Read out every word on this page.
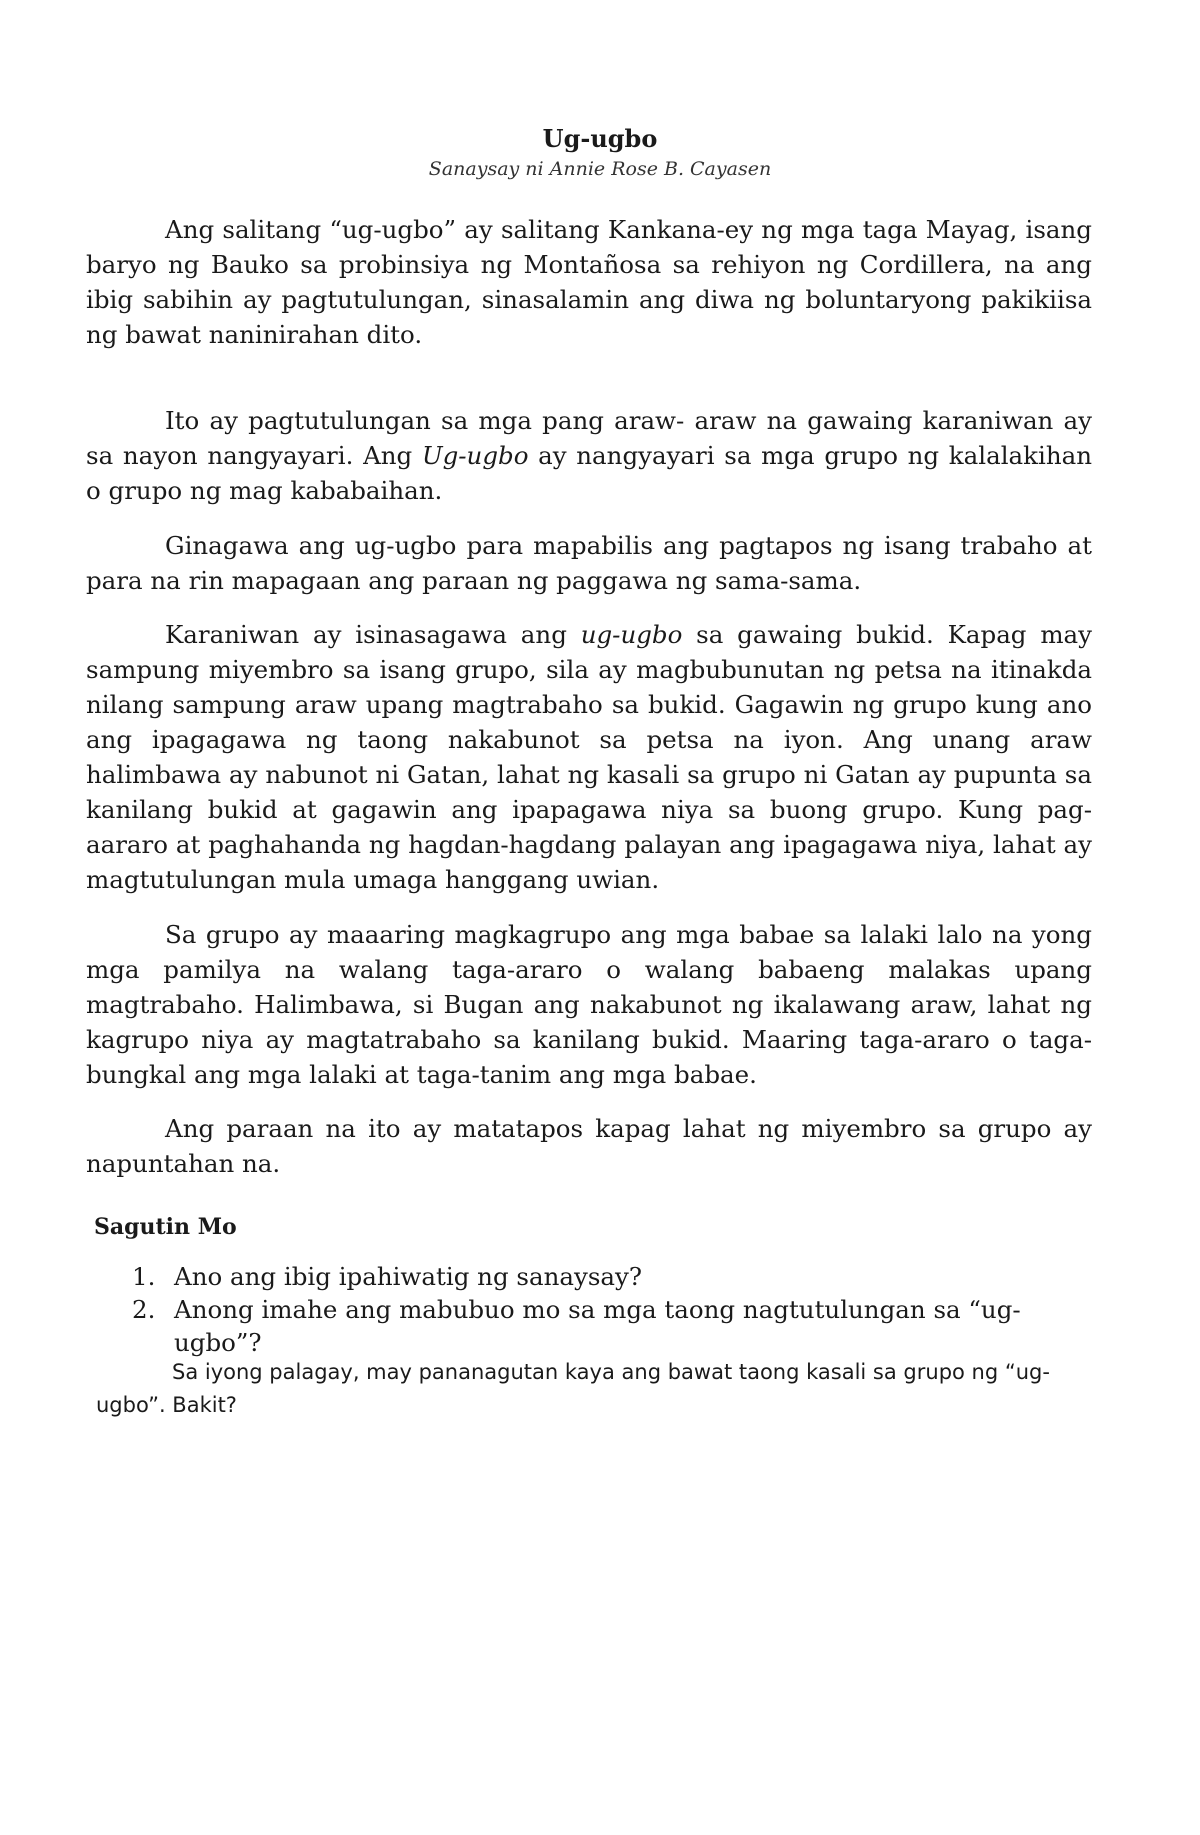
Ug-ugbo
Sanaysay ni Annie Rose B. Cayasen

Ang salitang “ug-ugbo” ay salitang Kankana-ey ng mga taga Mayag, isang baryo ng Bauko sa probinsiya ng Montañosa sa rehiyon ng Cordillera, na ang ibig sabihin ay pagtutulungan, sinasalamin ang diwa ng boluntaryong pakikiisa ng bawat naninirahan dito.

Ito ay pagtutulungan sa mga pang araw- araw na gawaing karaniwan ay sa nayon nangyayari. Ang Ug-ugbo ay nangyayari sa mga grupo ng kalalakihan o grupo ng mag kababaihan.

Ginagawa ang ug-ugbo para mapabilis ang pagtapos ng isang trabaho at para na rin mapagaan ang paraan ng paggawa ng sama-sama.

Karaniwan ay isinasagawa ang ug-ugbo sa gawaing bukid. Kapag may sampung miyembro sa isang grupo, sila ay magbubunutan ng petsa na itinakda nilang sampung araw upang magtrabaho sa bukid. Gagawin ng grupo kung ano ang ipagagawa ng taong nakabunot sa petsa na iyon. Ang unang araw halimbawa ay nabunot ni Gatan, lahat ng kasali sa grupo ni Gatan ay pupunta sa kanilang bukid at gagawin ang ipapagawa niya sa buong grupo. Kung pag-aararo at paghahanda ng hagdan-hagdang palayan ang ipagagawa niya, lahat ay magtutulungan mula umaga hanggang uwian.

Sa grupo ay maaaring magkagrupo ang mga babae sa lalaki lalo na yong mga pamilya na walang taga-araro o walang babaeng malakas upang magtrabaho. Halimbawa, si Bugan ang nakabunot ng ikalawang araw, lahat ng kagrupo niya ay magtatrabaho sa kanilang bukid. Maaring taga-araro o taga-bungkal ang mga lalaki at taga-tanim ang mga babae.

Ang paraan na ito ay matatapos kapag lahat ng miyembro sa grupo ay napuntahan na.

Sagutin Mo
1. Ano ang ibig ipahiwatig ng sanaysay?
2. Anong imahe ang mabubuo mo sa mga taong nagtutulungan sa “ug-ugbo”?

Sa iyong palagay, may pananagutan kaya ang bawat taong kasali sa grupo ng “ug-ugbo”. Bakit?
